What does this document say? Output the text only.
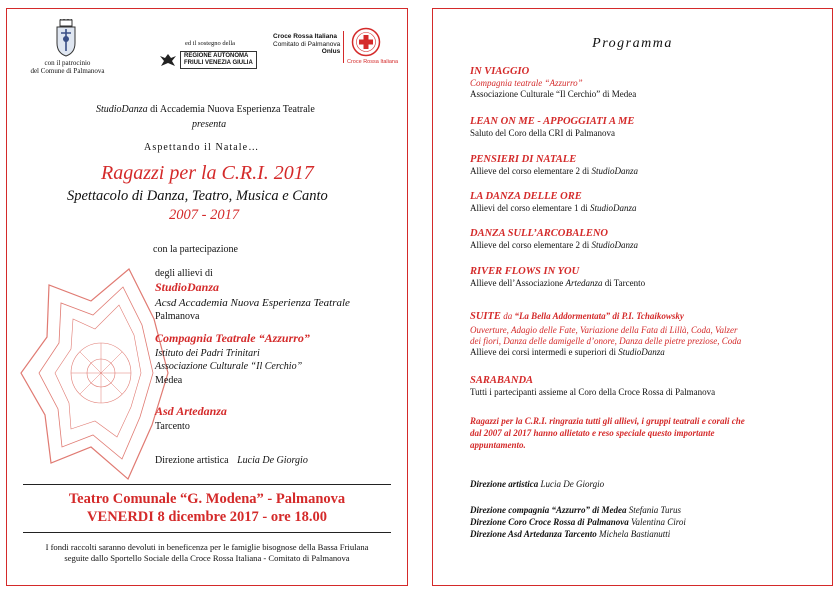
con il patrocinio
del Comune di Palmanova
ed il sostegno della
REGIONE AUTONOMA
FRIULI VENEZIA GIULIA
Croce Rossa Italiana
Comitato di Palmanova
Onlus
Croce Rossa Italiana
StudioDanza di Accademia Nuova Esperienza Teatrale
presenta
Aspettando il Natale…
Ragazzi per la C.R.I. 2017
Spettacolo di Danza, Teatro, Musica e Canto
2007 - 2017
con la partecipazione
degli allievi di
StudioDanza
Acsd Accademia Nuova Esperienza Teatrale
Palmanova
Compagnia Teatrale “Azzurro”
Istituto dei Padri Trinitari
Associazione Culturale “Il Cerchio”
Medea
Asd Artedanza
Tarcento
Direzione artistica Lucia De Giorgio
Teatro Comunale “G. Modena” - Palmanova
VENERDI 8 dicembre 2017 - ore 18.00
I fondi raccolti saranno devoluti in beneficenza per le famiglie bisognose della Bassa Friulana
seguite dallo Sportello Sociale della Croce Rossa Italiana - Comitato di Palmanova
Programma
IN VIAGGIO
Compagnia teatrale “Azzurro”
Associazione Culturale “Il Cerchio” di Medea
LEAN ON ME - APPOGGIATI A ME
Saluto del Coro della CRI di Palmanova
PENSIERI DI NATALE
Allieve del corso elementare 2 di StudioDanza
LA DANZA DELLE ORE
Allievi del corso elementare 1 di StudioDanza
DANZA SULL’ARCOBALENO
Allieve del corso elementare 2 di StudioDanza
RIVER FLOWS IN YOU
Allieve dell’Associazione Artedanza di Tarcento
SUITE da “La Bella Addormentata” di P.I. Tchaikowsky
Ouverture, Adagio delle Fate, Variazione della Fata di Lillà, Coda, Valzer
dei fiori, Danza delle damigelle d’onore, Danza delle pietre preziose, Coda
Allieve dei corsi intermedi e superiori di StudioDanza
SARABANDA
Tutti i partecipanti assieme al Coro della Croce Rossa di Palmanova
Ragazzi per la C.R.I. ringrazia tutti gli allievi, i gruppi teatrali e corali che
dal 2007 al 2017 hanno allietato e reso speciale questo importante
appuntamento.
Direzione artistica Lucia De Giorgio
Direzione compagnia “Azzurro” di Medea Stefania Turus
Direzione Coro Croce Rossa di Palmanova Valentina Ciroi
Direzione Asd Artedanza Tarcento Michela Bastianutti
